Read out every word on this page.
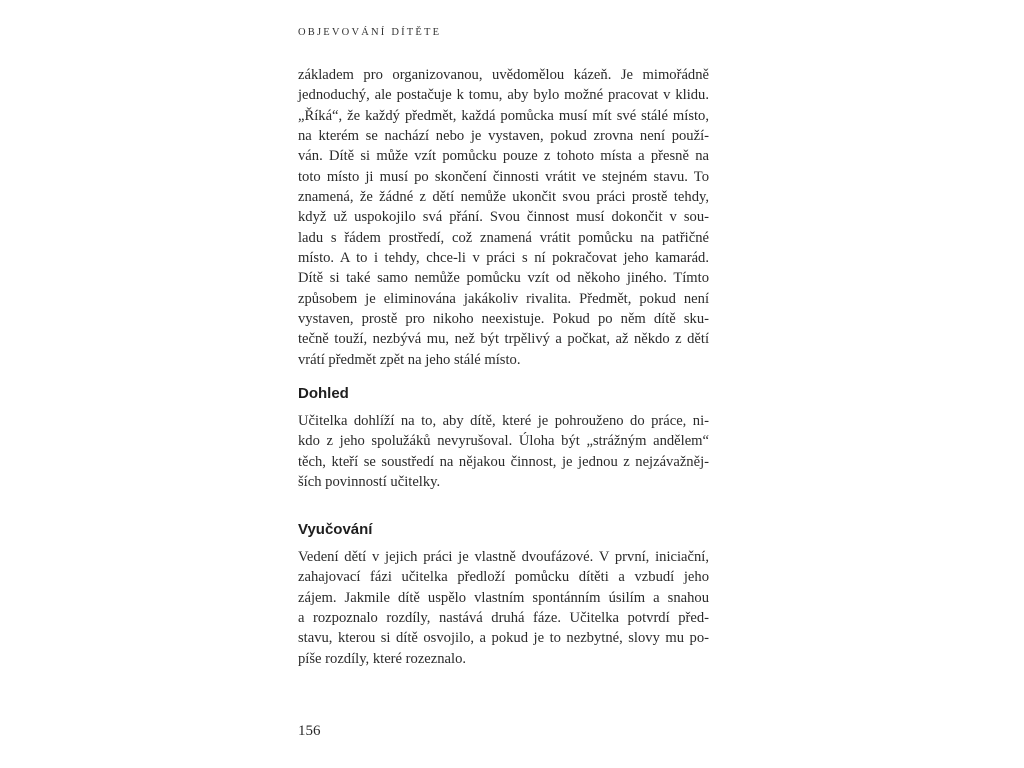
OBJEVOVÁNÍ DÍTĚTE
základem pro organizovanou, uvědomělou kázeň. Je mimořádně
jednoduchý, ale postačuje k tomu, aby bylo možné pracovat v klidu.
„Říká“, že každý předmět, každá pomůcka musí mít své stálé místo,
na kterém se nachází nebo je vystaven, pokud zrovna není použí-
ván. Dítě si může vzít pomůcku pouze z tohoto místa a přesně na
toto místo ji musí po skončení činnosti vrátit ve stejném stavu. To
znamená, že žádné z dětí nemůže ukončit svou práci prostě tehdy,
když už uspokojilo svá přání. Svou činnost musí dokončit v sou-
ladu s řádem prostředí, což znamená vrátit pomůcku na patřičné
místo. A to i tehdy, chce-li v práci s ní pokračovat jeho kamarád.
Dítě si také samo nemůže pomůcku vzít od někoho jiného. Tímto
způsobem je eliminována jakákoliv rivalita. Předmět, pokud není
vystaven, prostě pro nikoho neexistuje. Pokud po něm dítě sku-
tečně touží, nezbývá mu, než být trpělivý a počkat, až někdo z dětí
vrátí předmět zpět na jeho stálé místo.
Dohled
Učitelka dohlíží na to, aby dítě, které je pohrouženo do práce, ni-
kdo z jeho spolužáků nevyrušoval. Úloha být „strážným andělem“
těch, kteří se soustředí na nějakou činnost, je jednou z nejzávažněj-
ších povinností učitelky.
Vyučování
Vedení dětí v jejich práci je vlastně dvoufázové. V první, iniciační,
zahajovací fázi učitelka předloží pomůcku dítěti a vzbudí jeho
zájem. Jakmile dítě uspělo vlastním spontánním úsilím a snahou
a rozpoznalo rozdíly, nastává druhá fáze. Učitelka potvrdí před-
stavu, kterou si dítě osvojilo, a pokud je to nezbytné, slovy mu po-
píše rozdíly, které rozeznalo.
156
